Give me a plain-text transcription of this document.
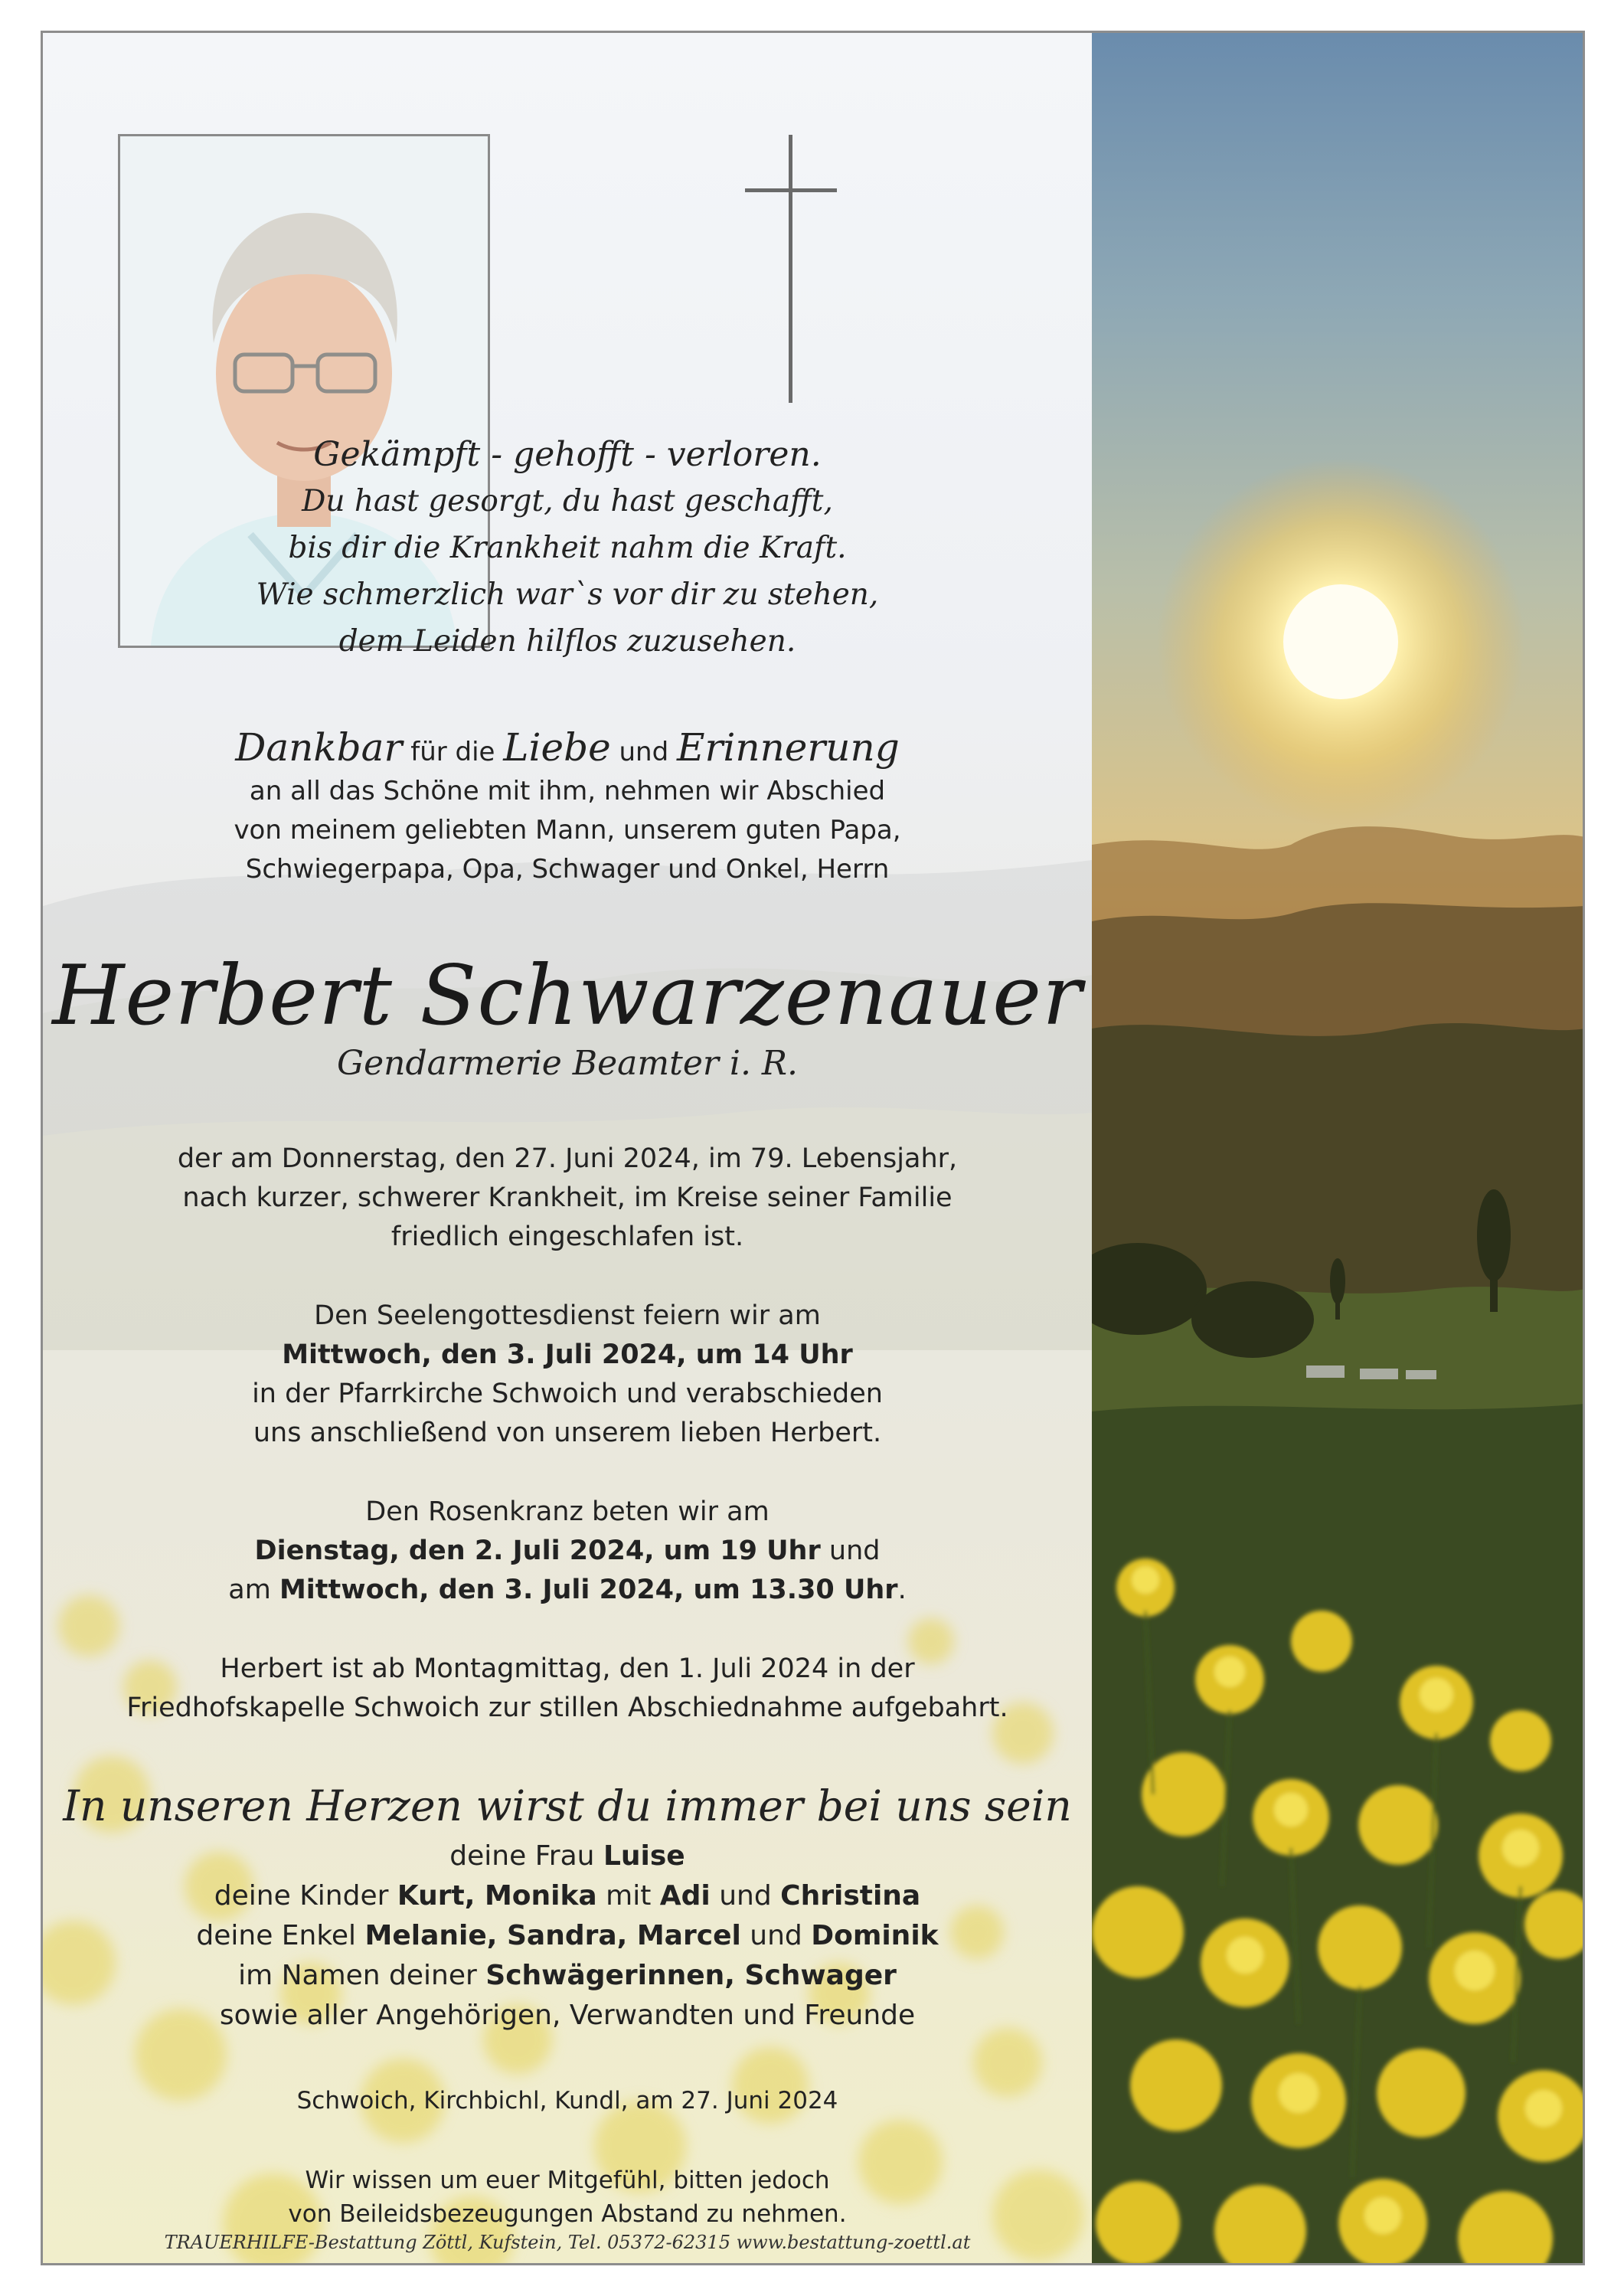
Gekämpft - gehofft - verloren.
Du hast gesorgt, du hast geschafft,
bis dir die Krankheit nahm die Kraft.
Wie schmerzlich war`s vor dir zu stehen,
dem Leiden hilflos zuzusehen.
Dankbar für die Liebe und Erinnerung
an all das Schöne mit ihm, nehmen wir Abschied
von meinem geliebten Mann, unserem guten Papa,
Schwiegerpapa, Opa, Schwager und Onkel, Herrn
Herbert Schwarzenauer
Gendarmerie Beamter i. R.
der am Donnerstag, den 27. Juni 2024, im 79. Lebensjahr,
nach kurzer, schwerer Krankheit, im Kreise seiner Familie
friedlich eingeschlafen ist.
Den Seelengottesdienst feiern wir am
Mittwoch, den 3. Juli 2024, um 14 Uhr
in der Pfarrkirche Schwoich und verabschieden
uns anschließend von unserem lieben Herbert.
Den Rosenkranz beten wir am
Dienstag, den 2. Juli 2024, um 19 Uhr und
am Mittwoch, den 3. Juli 2024, um 13.30 Uhr.
Herbert ist ab Montagmittag, den 1. Juli 2024 in der
Friedhofskapelle Schwoich zur stillen Abschiednahme aufgebahrt.
In unseren Herzen wirst du immer bei uns sein
deine Frau Luise
deine Kinder Kurt, Monika mit Adi und Christina
deine Enkel Melanie, Sandra, Marcel und Dominik
im Namen deiner Schwägerinnen, Schwager
sowie aller Angehörigen, Verwandten und Freunde
Schwoich, Kirchbichl, Kundl, am 27. Juni 2024
Wir wissen um euer Mitgefühl, bitten jedoch
von Beileidsbezeugungen Abstand zu nehmen.
TRAUERHILFE-Bestattung Zöttl, Kufstein, Tel. 05372-62315 www.bestattung-zoettl.at
